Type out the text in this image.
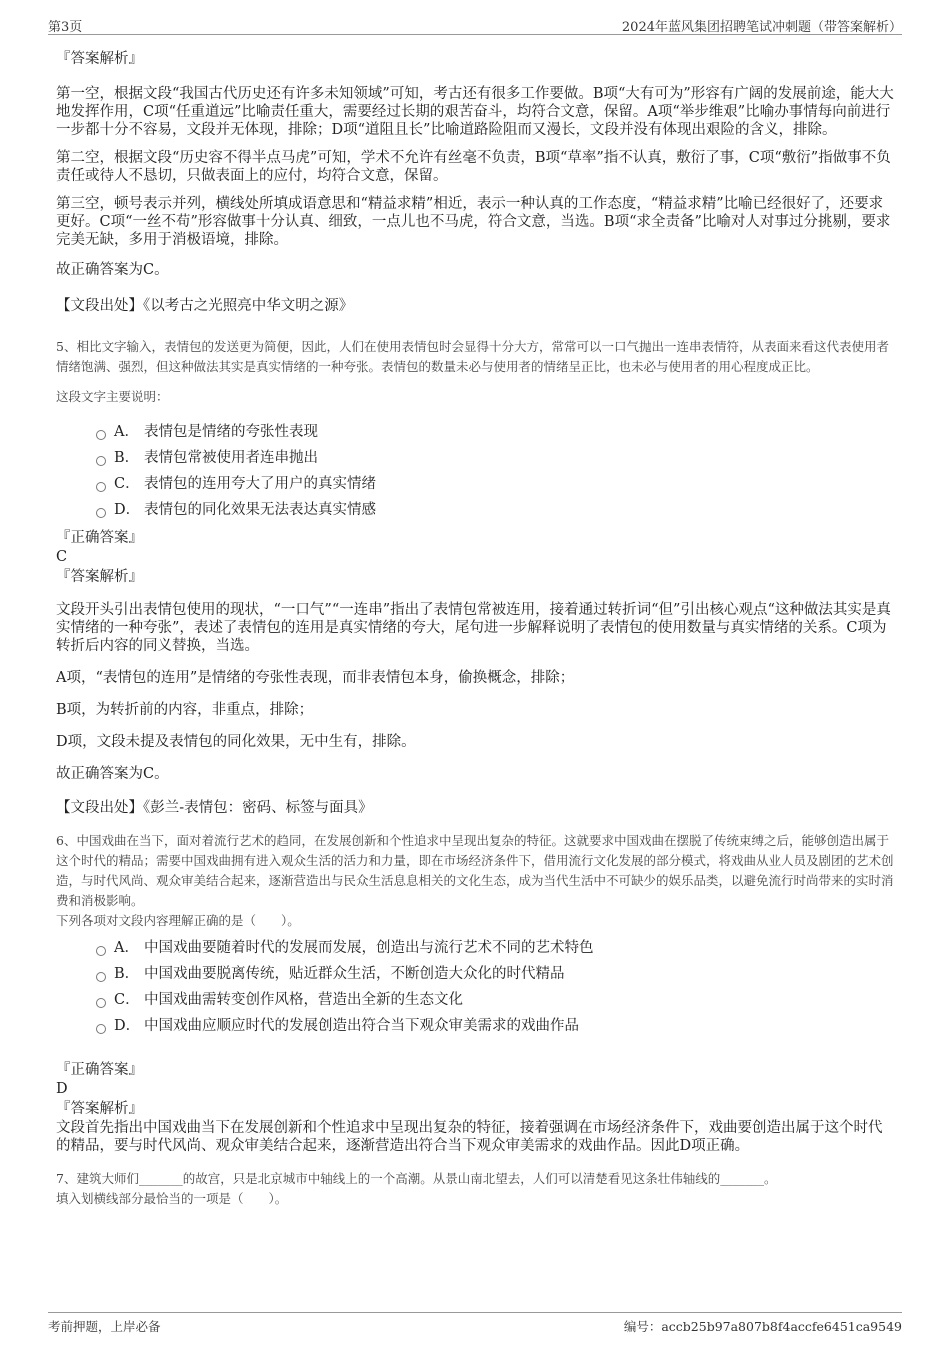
第3页	2024年蓝风集团招聘笔试冲刺题（带答案解析）

『答案解析』

第一空，根据文段“我国古代历史还有许多未知领域”可知，考古还有很多工作要做。B项“大有可为”形容有广阔的发展前途，能大大地发挥作用，C项“任重道远”比喻责任重大，需要经过长期的艰苦奋斗，均符合文意，保留。A项“举步维艰”比喻办事情每向前进行一步都十分不容易，文段并无体现，排除；D项“道阻且长”比喻道路险阻而又漫长，文段并没有体现出艰险的含义，排除。

第二空，根据文段“历史容不得半点马虎”可知，学术不允许有丝毫不负责，B项“草率”指不认真，敷衍了事，C项“敷衍”指做事不负责任或待人不恳切，只做表面上的应付，均符合文意，保留。

第三空，顿号表示并列，横线处所填成语意思和“精益求精”相近，表示一种认真的工作态度，“精益求精”比喻已经很好了，还要求更好。C项“一丝不苟”形容做事十分认真、细致，一点儿也不马虎，符合文意，当选。B项“求全责备”比喻对人对事过分挑剔，要求完美无缺，多用于消极语境，排除。

故正确答案为C。

【文段出处】《以考古之光照亮中华文明之源》

5、相比文字输入，表情包的发送更为简便，因此，人们在使用表情包时会显得十分大方，常常可以一口气抛出一连串表情符，从表面来看这代表使用者情绪饱满、强烈，但这种做法其实是真实情绪的一种夸张。表情包的数量未必与使用者的情绪呈正比，也未必与使用者的用心程度成正比。

这段文字主要说明：

A． 表情包是情绪的夸张性表现
B． 表情包常被使用者连串抛出
C． 表情包的连用夸大了用户的真实情绪
D． 表情包的同化效果无法表达真实情感

『正确答案』

C

『答案解析』

文段开头引出表情包使用的现状，“一口气”“一连串”指出了表情包常被连用，接着通过转折词“但”引出核心观点“这种做法其实是真实情绪的一种夸张”，表述了表情包的连用是真实情绪的夸大，尾句进一步解释说明了表情包的使用数量与真实情绪的关系。C项为转折后内容的同义替换，当选。

A项，“表情包的连用”是情绪的夸张性表现，而非表情包本身，偷换概念，排除；

B项，为转折前的内容，非重点，排除；

D项，文段未提及表情包的同化效果，无中生有，排除。

故正确答案为C。

【文段出处】《彭兰-表情包：密码、标签与面具》

6、中国戏曲在当下，面对着流行艺术的趋同，在发展创新和个性追求中呈现出复杂的特征。这就要求中国戏曲在摆脱了传统束缚之后，能够创造出属于这个时代的精品；需要中国戏曲拥有进入观众生活的活力和力量，即在市场经济条件下，借用流行文化发展的部分模式，将戏曲从业人员及剧团的艺术创造，与时代风尚、观众审美结合起来，逐渐营造出与民众生活息息相关的文化生态，成为当代生活中不可缺少的娱乐品类，以避免流行时尚带来的实时消费和消极影响。

下列各项对文段内容理解正确的是（　　）。

A． 中国戏曲要随着时代的发展而发展，创造出与流行艺术不同的艺术特色
B． 中国戏曲要脱离传统，贴近群众生活，不断创造大众化的时代精品
C． 中国戏曲需转变创作风格，营造出全新的生态文化
D． 中国戏曲应顺应时代的发展创造出符合当下观众审美需求的戏曲作品

『正确答案』

D

『答案解析』

文段首先指出中国戏曲当下在发展创新和个性追求中呈现出复杂的特征，接着强调在市场经济条件下，戏曲要创造出属于这个时代的精品，要与时代风尚、观众审美结合起来，逐渐营造出符合当下观众审美需求的戏曲作品。因此D项正确。

7、建筑大师们_______的故宫，只是北京城市中轴线上的一个高潮。从景山南北望去，人们可以清楚看见这条壮伟轴线的_______。

填入划横线部分最恰当的一项是（　　）。

考前押题，上岸必备	编号：accb25b97a807b8f4accfe6451ca9549
